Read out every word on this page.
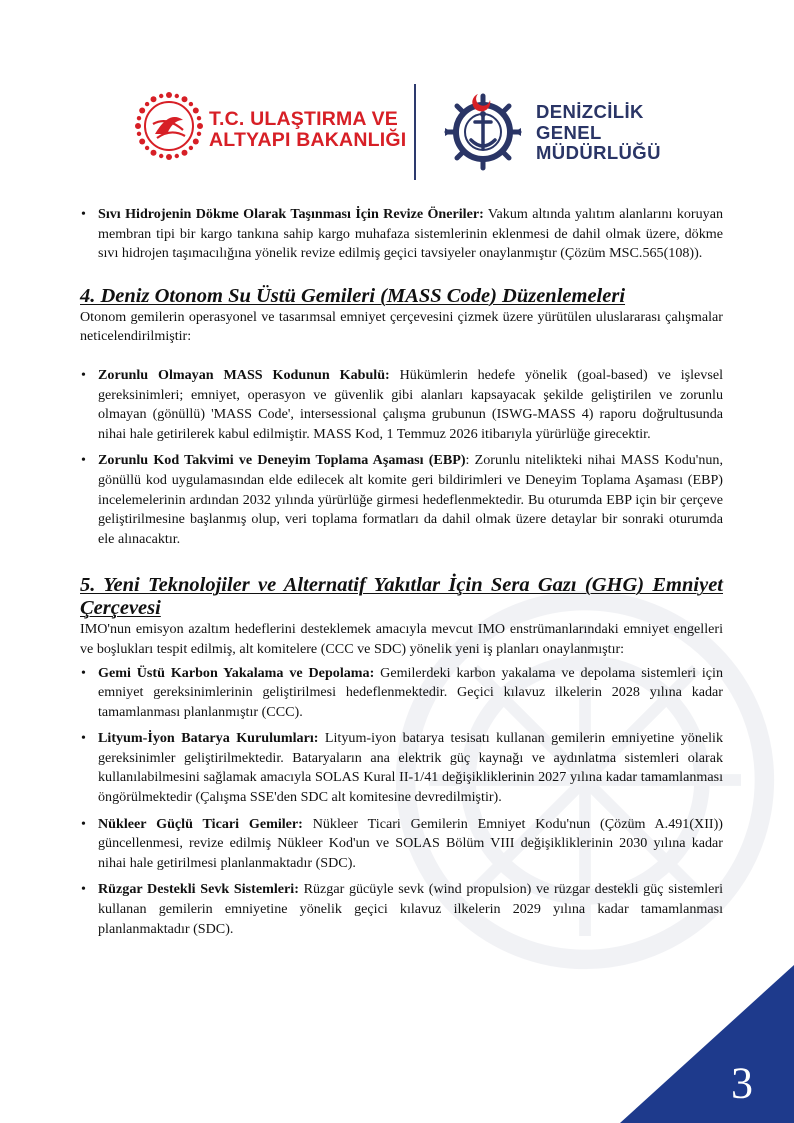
T.C. ULAŞTIRMA VE
ALTYAPI BAKANLIĞI
DENİZCİLİK
GENEL
MÜDÜRLÜĞÜ
• Sıvı Hidrojenin Dökme Olarak Taşınması İçin Revize Öneriler: Vakum altında yalıtım alanlarını koruyan membran tipi bir kargo tankına sahip kargo muhafaza sistemlerinin eklenmesi de dahil olmak üzere, dökme sıvı hidrojen taşımacılığına yönelik revize edilmiş geçici tavsiyeler onaylanmıştır (Çözüm MSC.565(108)).
4. Deniz Otonom Su Üstü Gemileri (MASS Code) Düzenlemeleri

Otonom gemilerin operasyonel ve tasarımsal emniyet çerçevesini çizmek üzere yürütülen uluslararası çalışmalar neticelendirilmiştir:

• Zorunlu Olmayan MASS Kodunun Kabulü: Hükümlerin hedefe yönelik (goal-based) ve işlevsel gereksinimleri; emniyet, operasyon ve güvenlik gibi alanları kapsayacak şekilde geliştirilen ve zorunlu olmayan (gönüllü) 'MASS Code', intersessional çalışma grubunun (ISWG-MASS 4) raporu doğrultusunda nihai hale getirilerek kabul edilmiştir. MASS Kod, 1 Temmuz 2026 itibarıyla yürürlüğe girecektir.
• Zorunlu Kod Takvimi ve Deneyim Toplama Aşaması (EBP): Zorunlu nitelikteki nihai MASS Kodu'nun, gönüllü kod uygulamasından elde edilecek alt komite geri bildirimleri ve Deneyim Toplama Aşaması (EBP) incelemelerinin ardından 2032 yılında yürürlüğe girmesi hedeflenmektedir. Bu oturumda EBP için bir çerçeve geliştirilmesine başlanmış olup, veri toplama formatları da dahil olmak üzere detaylar bir sonraki oturumda ele alınacaktır.
5. Yeni Teknolojiler ve Alternatif Yakıtlar İçin Sera Gazı (GHG) Emniyet Çerçevesi

IMO'nun emisyon azaltım hedeflerini desteklemek amacıyla mevcut IMO enstrümanlarındaki emniyet engelleri ve boşlukları tespit edilmiş, alt komitelere (CCC ve SDC) yönelik yeni iş planları onaylanmıştır:

• Gemi Üstü Karbon Yakalama ve Depolama: Gemilerdeki karbon yakalama ve depolama sistemleri için emniyet gereksinimlerinin geliştirilmesi hedeflenmektedir. Geçici kılavuz ilkelerin 2028 yılına kadar tamamlanması planlanmıştır (CCC).
• Lityum-İyon Batarya Kurulumları: Lityum-iyon batarya tesisatı kullanan gemilerin emniyetine yönelik gereksinimler geliştirilmektedir. Bataryaların ana elektrik güç kaynağı ve aydınlatma sistemleri olarak kullanılabilmesini sağlamak amacıyla SOLAS Kural II-1/41 değişikliklerinin 2027 yılına kadar tamamlanması öngörülmektedir (Çalışma SSE'den SDC alt komitesine devredilmiştir).
• Nükleer Güçlü Ticari Gemiler: Nükleer Ticari Gemilerin Emniyet Kodu'nun (Çözüm A.491(XII)) güncellenmesi, revize edilmiş Nükleer Kod'un ve SOLAS Bölüm VIII değişikliklerinin 2030 yılına kadar nihai hale getirilmesi planlanmaktadır (SDC).
• Rüzgar Destekli Sevk Sistemleri: Rüzgar gücüyle sevk (wind propulsion) ve rüzgar destekli güç sistemleri kullanan gemilerin emniyetine yönelik geçici kılavuz ilkelerin 2029 yılına kadar tamamlanması planlanmaktadır (SDC).
3
